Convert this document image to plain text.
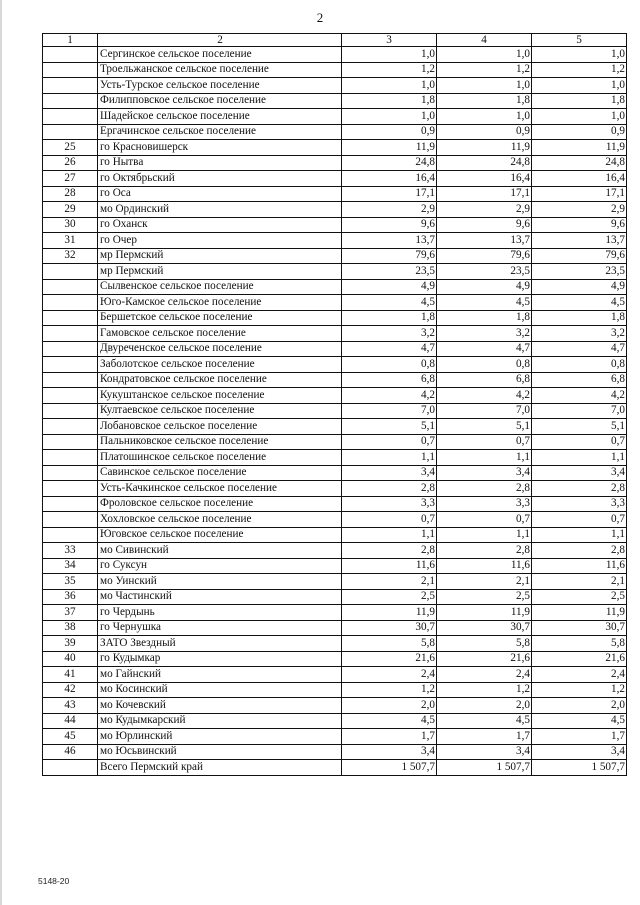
2
1	2	3	4	5
	Сергинское сельское поселение	1,0	1,0	1,0
	Троельжанское сельское поселение	1,2	1,2	1,2
	Усть-Турское сельское поселение	1,0	1,0	1,0
	Филипповское сельское поселение	1,8	1,8	1,8
	Шадейское сельское поселение	1,0	1,0	1,0
	Ергачинское сельское поселение	0,9	0,9	0,9
25	го Красновишерск	11,9	11,9	11,9
26	го Нытва	24,8	24,8	24,8
27	го Октябрьский	16,4	16,4	16,4
28	го Оса	17,1	17,1	17,1
29	мо Ординский	2,9	2,9	2,9
30	го Оханск	9,6	9,6	9,6
31	го Очер	13,7	13,7	13,7
32	мр Пермский	79,6	79,6	79,6
	мр Пермский	23,5	23,5	23,5
	Сылвенское сельское поселение	4,9	4,9	4,9
	Юго-Камское сельское поселение	4,5	4,5	4,5
	Бершетское сельское поселение	1,8	1,8	1,8
	Гамовское сельское поселение	3,2	3,2	3,2
	Двуреченское сельское поселение	4,7	4,7	4,7
	Заболотское сельское поселение	0,8	0,8	0,8
	Кондратовское сельское поселение	6,8	6,8	6,8
	Кукуштанское сельское поселение	4,2	4,2	4,2
	Култаевское сельское поселение	7,0	7,0	7,0
	Лобановское сельское поселение	5,1	5,1	5,1
	Пальниковское сельское поселение	0,7	0,7	0,7
	Платошинское сельское поселение	1,1	1,1	1,1
	Савинское сельское поселение	3,4	3,4	3,4
	Усть-Качкинское сельское поселение	2,8	2,8	2,8
	Фроловское сельское поселение	3,3	3,3	3,3
	Хохловское сельское поселение	0,7	0,7	0,7
	Юговское сельское поселение	1,1	1,1	1,1
33	мо Сивинский	2,8	2,8	2,8
34	го Суксун	11,6	11,6	11,6
35	мо Уинский	2,1	2,1	2,1
36	мо Частинский	2,5	2,5	2,5
37	го Чердынь	11,9	11,9	11,9
38	го Чернушка	30,7	30,7	30,7
39	ЗАТО Звездный	5,8	5,8	5,8
40	го Кудымкар	21,6	21,6	21,6
41	мо Гайнский	2,4	2,4	2,4
42	мо Косинский	1,2	1,2	1,2
43	мо Кочевский	2,0	2,0	2,0
44	мо Кудымкарский	4,5	4,5	4,5
45	мо Юрлинский	1,7	1,7	1,7
46	мо Юсьвинский	3,4	3,4	3,4
	Всего Пермский край	1 507,7	1 507,7	1 507,7
5148-20
